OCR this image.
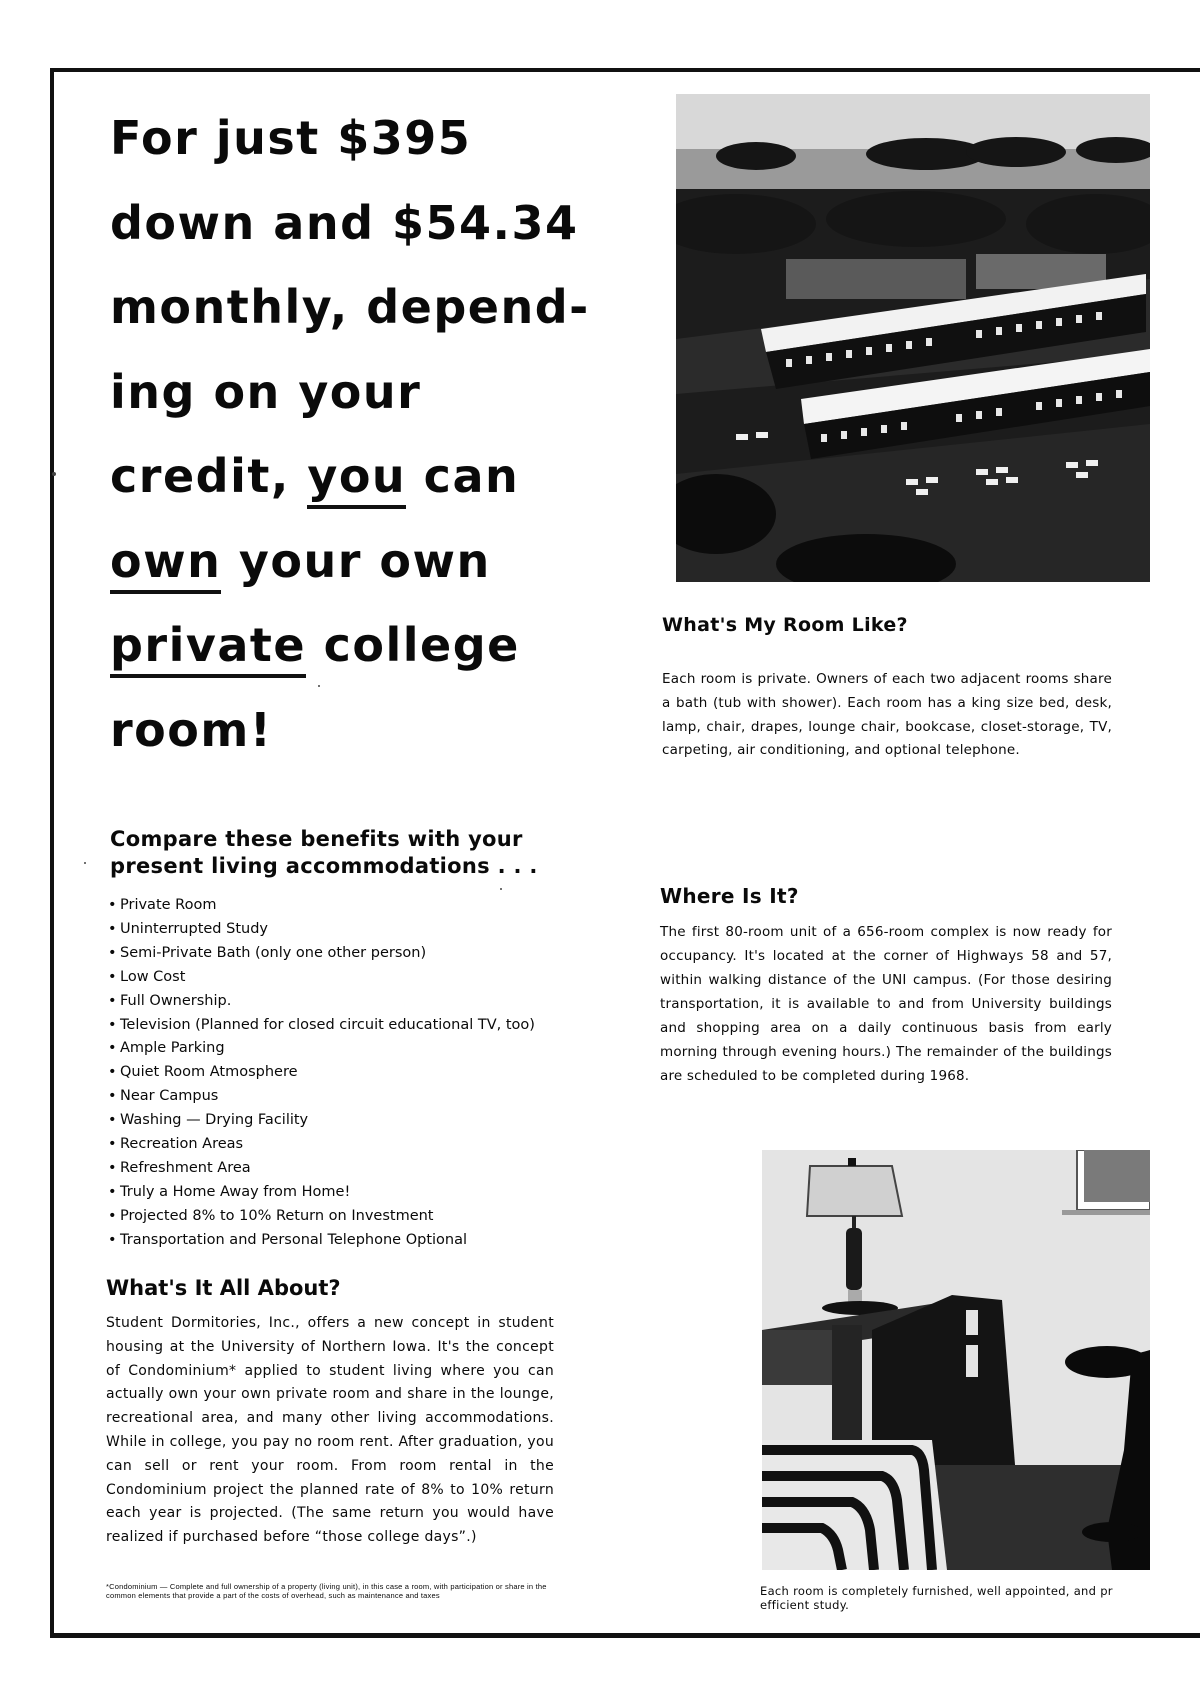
For just $395
down and $54.34
monthly, depend-
ing on your
credit, you can
own your own
private college
room!
Compare these benefits with your
present living accommodations . . .
• Private Room
• Uninterrupted Study
• Semi-Private Bath (only one other person)
• Low Cost
• Full Ownership.
• Television (Planned for closed circuit educational TV, too)
• Ample Parking
• Quiet Room Atmosphere
• Near Campus
• Washing — Drying Facility
• Recreation Areas
• Refreshment Area
• Truly a Home Away from Home!
• Projected 8% to 10% Return on Investment
• Transportation and Personal Telephone Optional
What's It All About?

Student Dormitories, Inc., offers a new concept in student housing at the University of Northern Iowa. It's the concept of Condominium* applied to student living where you can actually own your own private room and share in the lounge, recreational area, and many other living accommodations. While in college, you pay no room rent. After graduation, you can sell or rent your room. From room rental in the Condominium project the planned rate of 8% to 10% return each year is projected. (The same return you would have realized if purchased before “those college days”.)

*Condominium — Complete and full ownership of a property (living unit), in this case a room, with participation or share in the common elements that provide a part of the costs of overhead, such as maintenance and taxes

What's My Room Like?

Each room is private. Owners of each two adjacent rooms share a bath (tub with shower). Each room has a king size bed, desk, lamp, chair, drapes, lounge chair, bookcase, closet-storage, TV, carpeting, air conditioning, and optional telephone.

Where Is It?

The first 80-room unit of a 656-room complex is now ready for occupancy. It's located at the corner of Highways 58 and 57, within walking distance of the UNI campus. (For those desiring transportation, it is available to and from University buildings and shopping area on a daily continuous basis from early morning through evening hours.) The remainder of the buildings are scheduled to be completed during 1968.

Each room is completely furnished, well appointed, and pr
efficient study.
